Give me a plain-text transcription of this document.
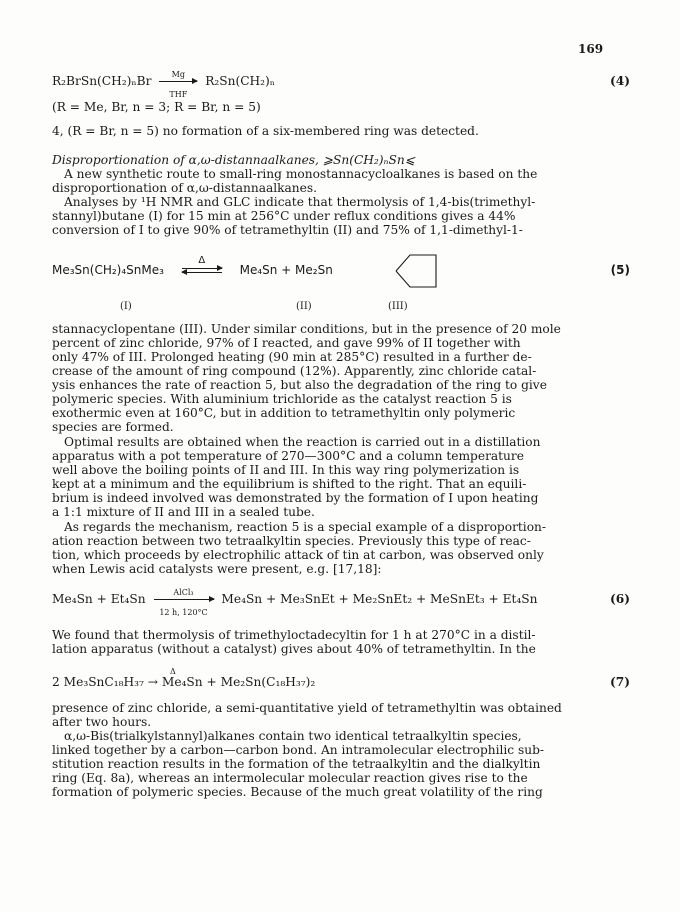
169
R₂BrSn(CH₂)ₙBr	Mg
THF
R₂Sn(CH₂)ₙ	(4)
(R = Me, Br, n = 3; R = Br, n = 5)
4, (R = Br, n = 5) no formation of a six-membered ring was detected.
Disproportionation of α,ω-distannaalkanes, ⩾Sn(CH₂)ₙSn⩽
A new synthetic route to small-ring monostannacycloalkanes is based on the
disproportionation of α,ω-distannaalkanes.
Analyses by ¹H NMR and GLC indicate that thermolysis of 1,4-bis(trimethyl-
stannyl)butane (I) for 15 min at 256°C under reflux conditions gives a 44%
conversion of I to give 90% of tetramethyltin (II) and 75% of 1,1-dimethyl-1-
Me₃Sn(CH₂)₄SnMe₃
Δ
Me₄Sn + Me₂Sn	(5)
(I)	(II)	(III)
stannacyclopentane (III). Under similar conditions, but in the presence of 20 mole
percent of zinc chloride, 97% of I reacted, and gave 99% of II together with
only 47% of III. Prolonged heating (90 min at 285°C) resulted in a further de-
crease of the amount of ring compound (12%). Apparently, zinc chloride catal-
ysis enhances the rate of reaction 5, but also the degradation of the ring to give
polymeric species. With aluminium trichloride as the catalyst reaction 5 is
exothermic even at 160°C, but in addition to tetramethyltin only polymeric
species are formed.
Optimal results are obtained when the reaction is carried out in a distillation
apparatus with a pot temperature of 270—300°C and a column temperature
well above the boiling points of II and III. In this way ring polymerization is
kept at a minimum and the equilibrium is shifted to the right. That an equili-
brium is indeed involved was demonstrated by the formation of I upon heating
a 1:1 mixture of II and III in a sealed tube.
As regards the mechanism, reaction 5 is a special example of a disproportion-
ation reaction between two tetraalkyltin species. Previously this type of reac-
tion, which proceeds by electrophilic attack of tin at carbon, was observed only
when Lewis acid catalysts were present, e.g. [17,18]:
Me₄Sn + Et₄Sn	AlCl₃
12 h, 120°C
Me₄Sn + Me₃SnEt + Me₂SnEt₂ + MeSnEt₃ + Et₄Sn	(6)
We found that thermolysis of trimethyloctadecyltin for 1 h at 270°C in a distil-
lation apparatus (without a catalyst) gives about 40% of tetramethyltin. In the
2 Me₃SnC₁₈H₃₇ → Me₄Sn + Me₂Sn(C₁₈H₃₇)₂
Δ
(7)
presence of zinc chloride, a semi-quantitative yield of tetramethyltin was obtained
after two hours.
α,ω-Bis(trialkylstannyl)alkanes contain two identical tetraalkyltin species,
linked together by a carbon—carbon bond. An intramolecular electrophilic sub-
stitution reaction results in the formation of the tetraalkyltin and the dialkyltin
ring (Eq. 8a), whereas an intermolecular molecular reaction gives rise to the
formation of polymeric species. Because of the much great volatility of the ring
